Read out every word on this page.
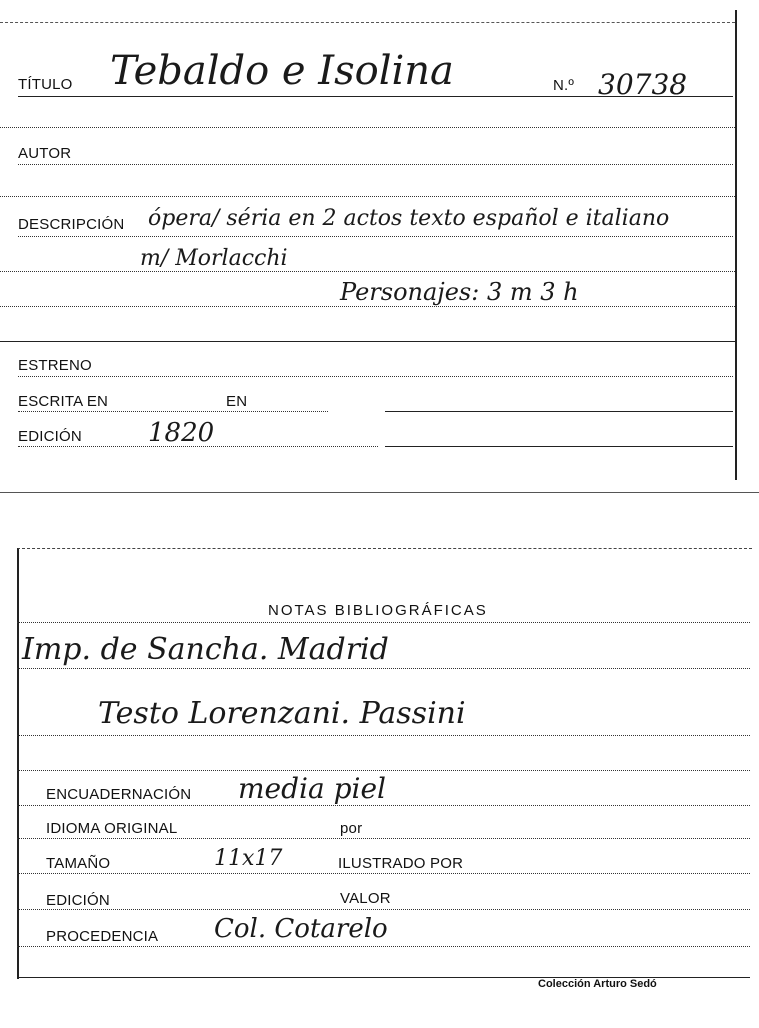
TÍTULO Tebaldo e Isolina	N.º 30738
AUTOR
DESCRIPCIÓN ópera/ séria en 2 actos texto español e italiano
m/ Morlacchi
Personajes: 3 m 3 h
ESTRENO
ESCRITA EN	EN
EDICIÓN	1820
NOTAS BIBLIOGRÁFICAS
Imp. de Sancha. Madrid
Testo Lorenzani. Passini
ENCUADERNACIÓN media piel
IDIOMA ORIGINAL	por
TAMAÑO	11x17	ILUSTRADO POR
EDICIÓN	VALOR
PROCEDENCIA Col. Cotarelo
Colección Arturo Sedó
